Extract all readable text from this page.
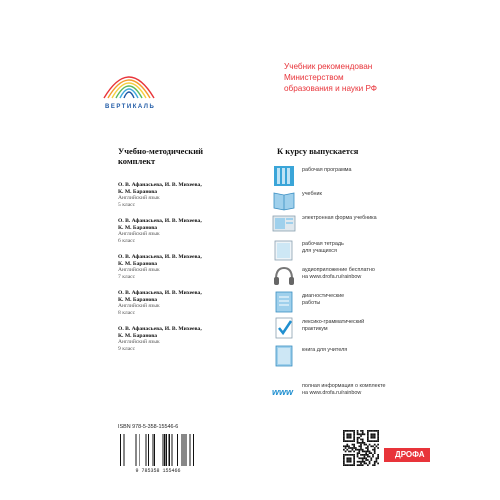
ВЕРТИКАЛЬ
Учебник рекомендован
Министерством
образования и науки РФ
Учебно-методический
комплект
О. В. Афанасьева, И. В. Михеева,
К. М. Баранова
Английский язык
5 класс
О. В. Афанасьева, И. В. Михеева,
К. М. Баранова
Английский язык
6 класс
О. В. Афанасьева, И. В. Михеева,
К. М. Баранова
Английский язык
7 класс
О. В. Афанасьева, И. В. Михеева,
К. М. Баранова
Английский язык
8 класс
О. В. Афанасьева, И. В. Михеева,
К. М. Баранова
Английский язык
9 класс
К курсу выпускается
рабочая программа
учебник
электронная форма учебника
рабочая тетрадь
для учащихся
аудиоприложение бесплатно
на www.drofa.ru/rainbow
диагностические
работы
лексико-грамматический
практикум
книга для учителя
www
полная информация о комплекте
на www.drofa.ru/rainbow
ISBN 978-5-358-15546-6
9 785358 155466
ДРОФА
